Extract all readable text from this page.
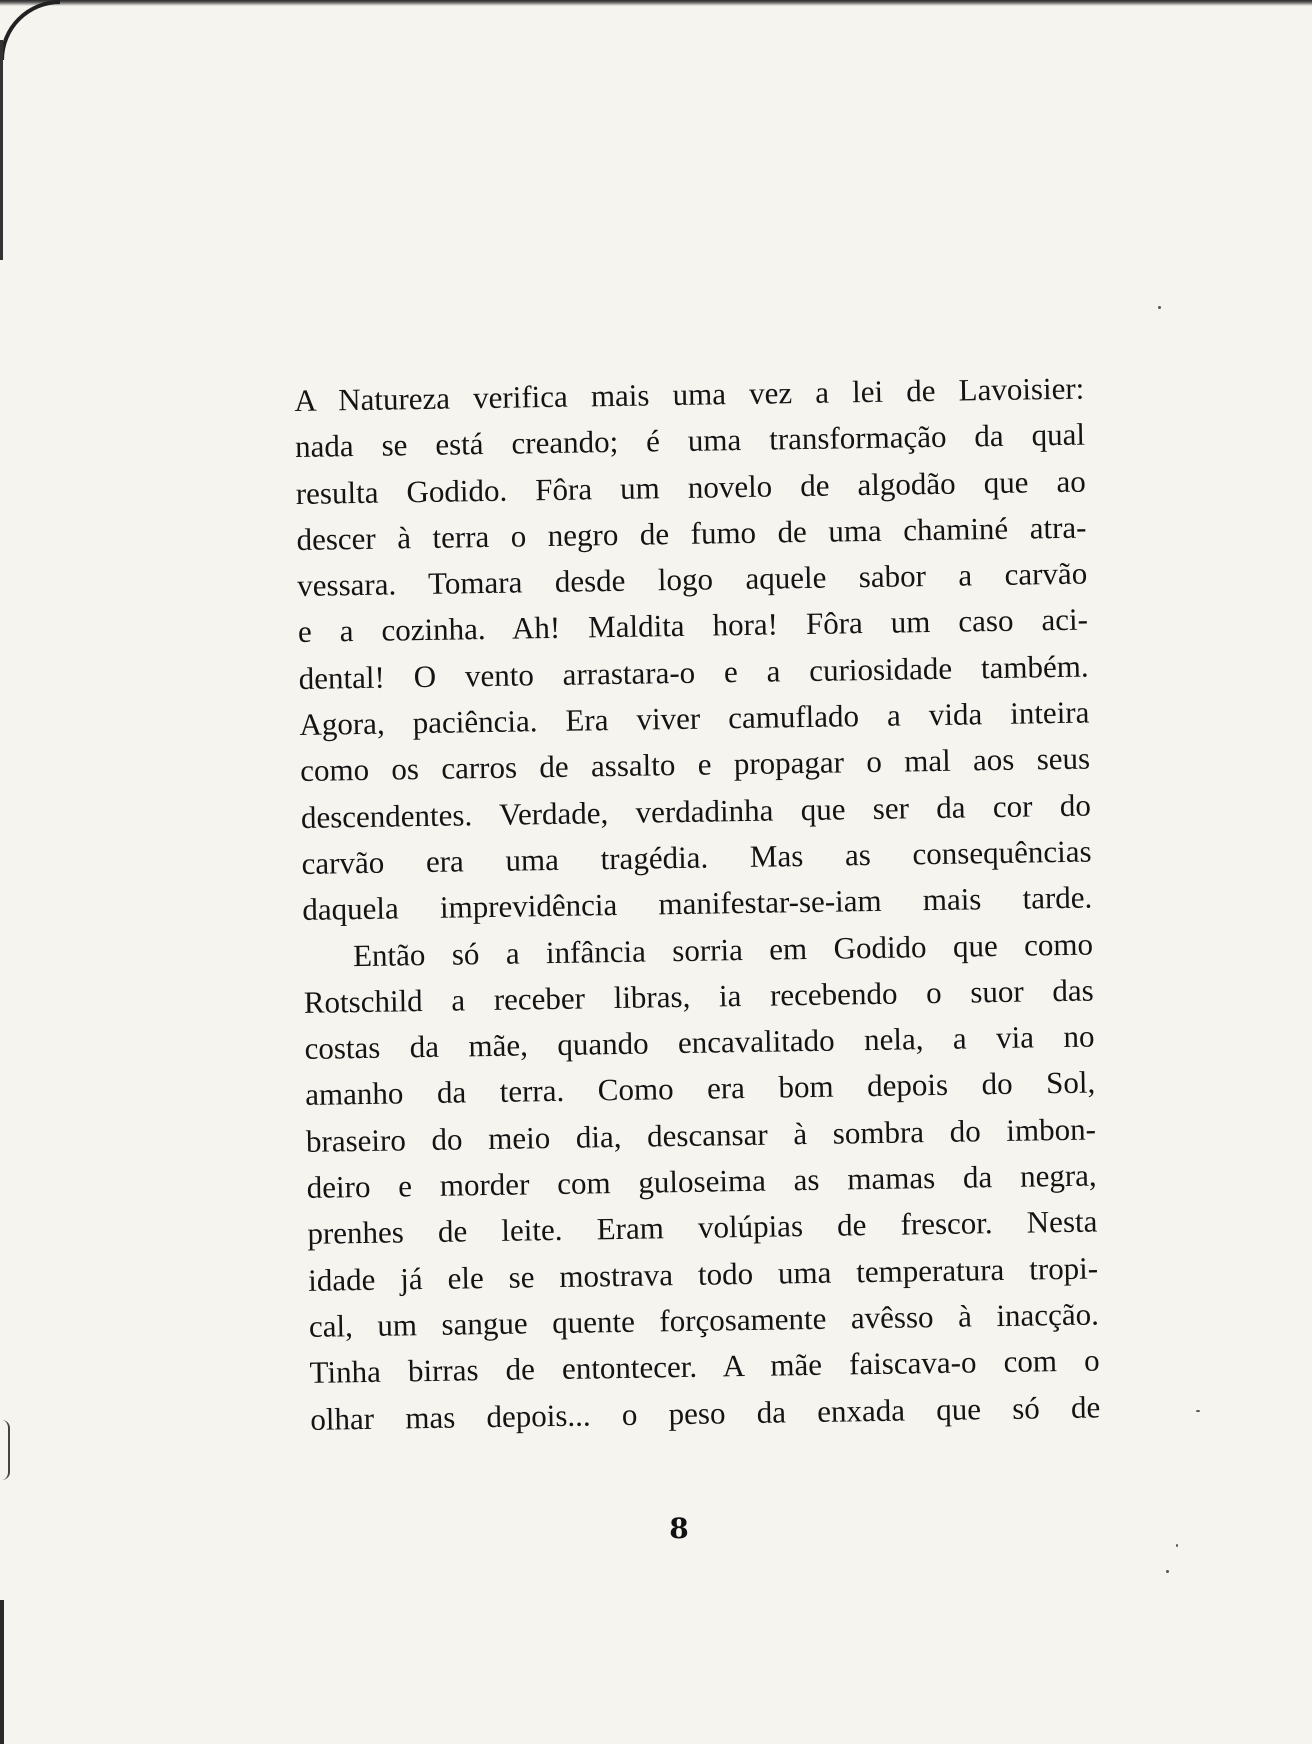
A Natureza verifica mais uma vez a lei de Lavoisier:
nada se está creando; é uma transformação da qual
resulta Godido. Fôra um novelo de algodão que ao
descer à terra o negro de fumo de uma chaminé atra-
vessara. Tomara desde logo aquele sabor a carvão
e a cozinha. Ah! Maldita hora! Fôra um caso aci-
dental! O vento arrastara-o e a curiosidade também.
Agora, paciência. Era viver camuflado a vida inteira
como os carros de assalto e propagar o mal aos seus
descendentes. Verdade, verdadinha que ser da cor do
carvão era uma tragédia. Mas as consequências
daquela imprevidência manifestar-se-iam mais tarde.
Então só a infância sorria em Godido que como
Rotschild a receber libras, ia recebendo o suor das
costas da mãe, quando encavalitado nela, a via no
amanho da terra. Como era bom depois do Sol,
braseiro do meio dia, descansar à sombra do imbon-
deiro e morder com guloseima as mamas da negra,
prenhes de leite. Eram volúpias de frescor. Nesta
idade já ele se mostrava todo uma temperatura tropi-
cal, um sangue quente forçosamente avêsso à inacção.
Tinha birras de entontecer. A mãe faiscava-o com o
olhar mas depois... o peso da enxada que só de
8
